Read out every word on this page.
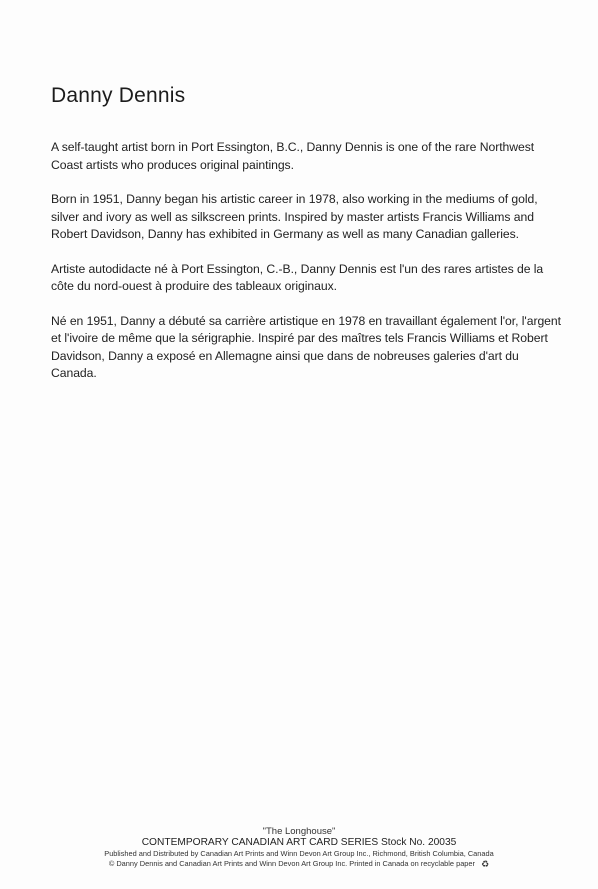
Danny Dennis

A self-taught artist born in Port Essington, B.C., Danny Dennis is one of the rare Northwest Coast artists who produces original paintings.

Born in 1951, Danny began his artistic career in 1978, also working in the mediums of gold, silver and ivory as well as silkscreen prints. Inspired by master artists Francis Williams and Robert Davidson, Danny has exhibited in Germany as well as many Canadian galleries.

Artiste autodidacte né à Port Essington, C.-B., Danny Dennis est l'un des rares artistes de la côte du nord-ouest à produire des tableaux originaux.

Né en 1951, Danny a débuté sa carrière artistique en 1978 en travaillant également l'or, l'argent et l'ivoire de même que la sérigraphie. Inspiré par des maîtres tels Francis Williams et Robert Davidson, Danny a exposé en Allemagne ainsi que dans de nobreuses galeries d'art du Canada.

"The Longhouse"
CONTEMPORARY CANADIAN ART CARD SERIES Stock No. 20035
Published and Distributed by Canadian Art Prints and Winn Devon Art Group Inc., Richmond, British Columbia, Canada
© Danny Dennis and Canadian Art Prints and Winn Devon Art Group Inc. Printed in Canada on recyclable paper ♻
